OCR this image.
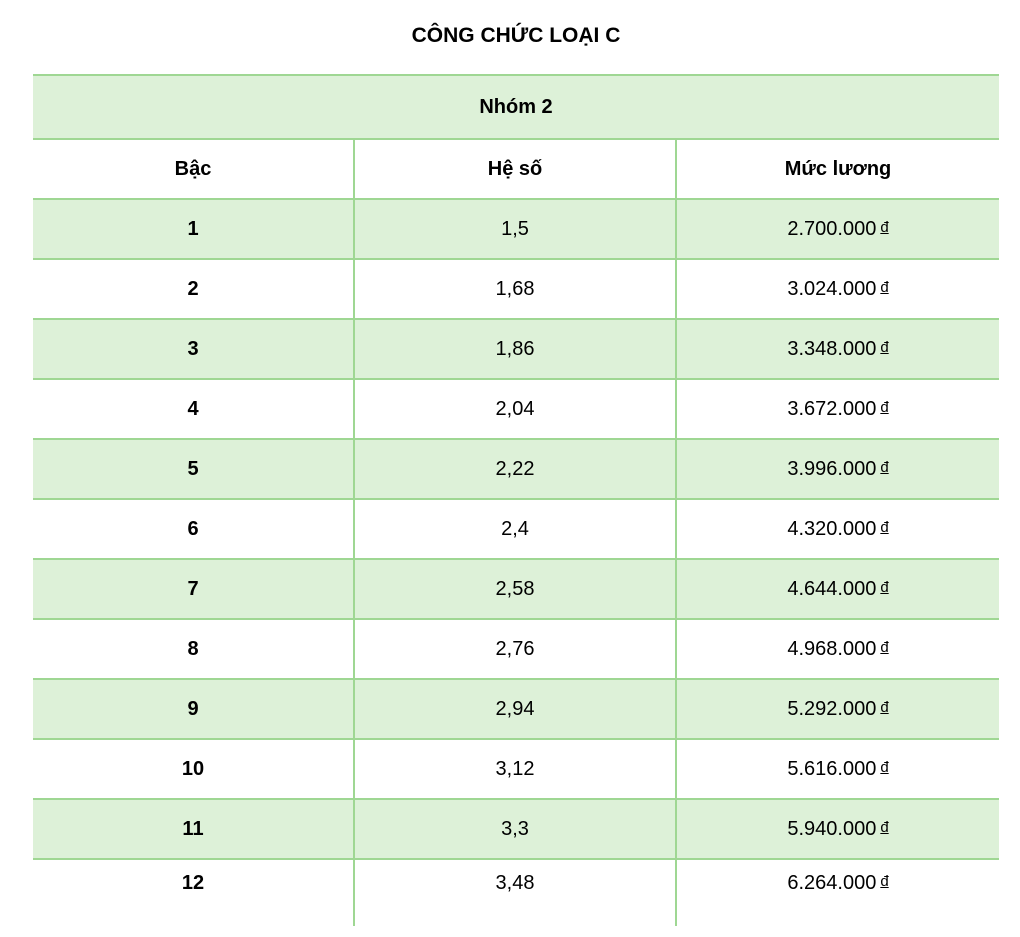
CÔNG CHỨC LOẠI C
Nhóm 2		
Bậc	Hệ số	Mức lương
1	1,5	2.700.000 đ
2	1,68	3.024.000 đ
3	1,86	3.348.000 đ
4	2,04	3.672.000 đ
5	2,22	3.996.000 đ
6	2,4	4.320.000 đ
7	2,58	4.644.000 đ
8	2,76	4.968.000 đ
9	2,94	5.292.000 đ
10	3,12	5.616.000 đ
11	3,3	5.940.000 đ
12	3,48	6.264.000 đ
